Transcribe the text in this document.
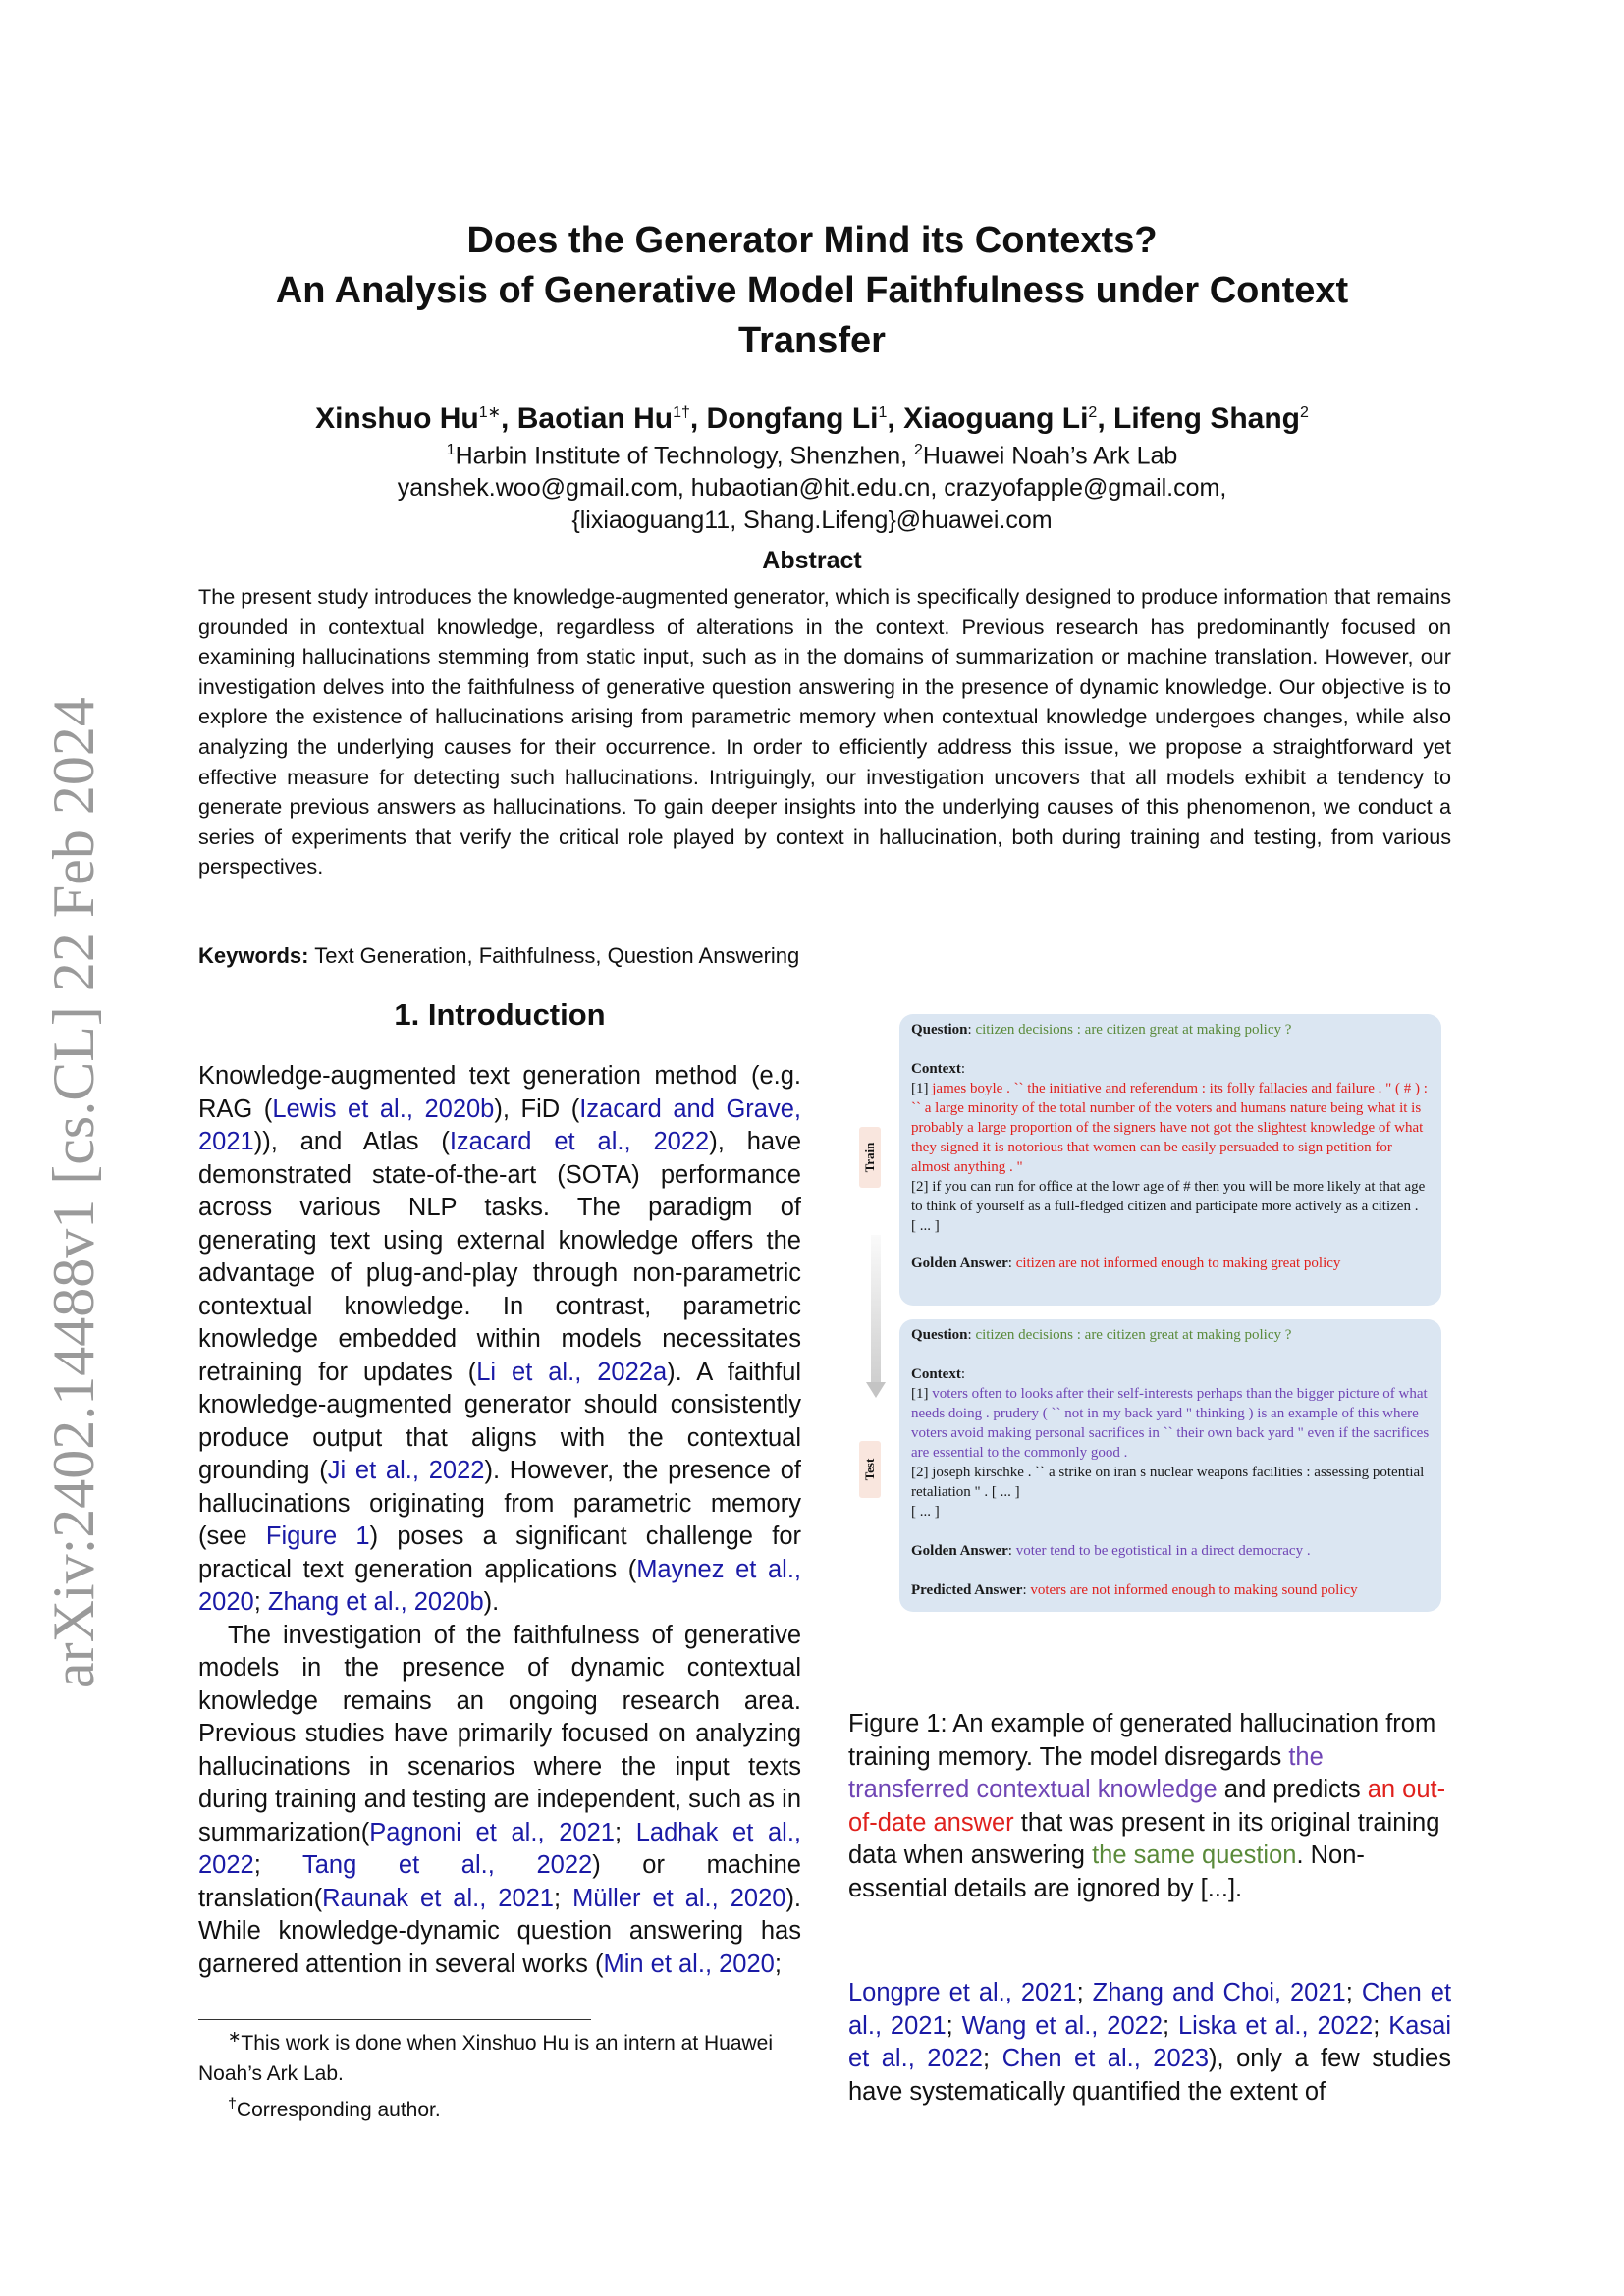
arXiv:2402.14488v1 [cs.CL] 22 Feb 2024
Does the Generator Mind its Contexts?
An Analysis of Generative Model Faithfulness under Context
Transfer
Xinshuo $Hu^{1∗}$, Baotian $Hu^{1\dagger}$, Dongfang Li$^1$, Xiaoguang Li$^2$, Lifeng Shang$^2$
$^1$Harbin Institute of Technology, Shenzhen, $^2$Huawei Noah’s Ark Lab
yanshek.woo@gmail.com, hubaotian@hit.edu.cn, crazyofapple@gmail.com,
{lixiaoguang11, Shang.Lifeng}@huawei.com
Abstract
The present study introduces the knowledge-augmented generator, which is specifically designed to produce information that remains grounded in contextual knowledge, regardless of alterations in the context. Previous research has predominantly focused on examining hallucinations stemming from static input, such as in the domains of summarization or machine translation. However, our investigation delves into the faithfulness of generative question answering in the presence of dynamic knowledge. Our objective is to explore the existence of hallucinations arising from parametric memory when contextual knowledge undergoes changes, while also analyzing the underlying causes for their occurrence. In order to efficiently address this issue, we propose a straightforward yet effective measure for detecting such hallucinations. Intriguingly, our investigation uncovers that all models exhibit a tendency to generate previous answers as hallucinations. To gain deeper insights into the underlying causes of this phenomenon, we conduct a series of experiments that verify the critical role played by context in hallucination, both during training and testing, from various perspectives.
Keywords: Text Generation, Faithfulness, Question Answering
1. Introduction

Knowledge-augmented text generation method (e.g. RAG (Lewis et al., 2020b), FiD (Izacard and Grave, 2021)), and Atlas (Izacard et al., 2022), have demonstrated state-of-the-art (SOTA) performance across various NLP tasks. The paradigm of generating text using external knowledge offers the advantage of plug-and-play through non-parametric contextual knowledge. In contrast, parametric knowledge embedded within models necessitates retraining for updates (Li et al., 2022a). A faithful knowledge-augmented generator should consistently produce output that aligns with the contextual grounding (Ji et al., 2022). However, the presence of hallucinations originating from parametric memory (see Figure 1) poses a significant challenge for practical text generation applications (Maynez et al., 2020; Zhang et al., 2020b).

The investigation of the faithfulness of generative models in the presence of dynamic contextual knowledge remains an ongoing research area. Previous studies have primarily focused on analyzing hallucinations in scenarios where the input texts during training and testing are independent, such as in summarization(Pagnoni et al., 2021; Ladhak et al., 2022; Tang et al., 2022) or machine translation(Raunak et al., 2021; Müller et al., 2020). While knowledge-dynamic question answering has garnered attention in several works (Min et al., 2020;

∗This work is done when Xinshuo Hu is an intern at Huawei Noah’s Ark Lab.
†Corresponding author.
Train
Test
Question: citizen decisions : are citizen great at making policy ?
Context:
[1] james boyle . `` the initiative and referendum : its folly fallacies and failure . " ( # ) : `` a large minority of the total number of the voters and humans nature being what it is probably a large proportion of the signers have not got the slightest knowledge of what they signed it is notorious that women can be easily persuaded to sign petition for almost anything . "
[2] if you can run for office at the lowr age of # then you will be more likely at that age to think of yourself as a full-fledged citizen and participate more actively as a citizen .
[ ... ]
Golden Answer: citizen are not informed enough to making great policy
Question: citizen decisions : are citizen great at making policy ?
Context:
[1] voters often to looks after their self-interests perhaps than the bigger picture of what needs doing . prudery ( `` not in my back yard " thinking ) is an example of this where voters avoid making personal sacrifices in `` their own back yard " even if the sacrifices are essential to the commonly good .
[2] joseph kirschke . `` a strike on iran s nuclear weapons facilities : assessing potential retaliation " . [ ... ]
[ ... ]
Golden Answer: voter tend to be egotistical in a direct democracy .
Predicted Answer: voters are not informed enough to making sound policy
Figure 1: An example of generated hallucination from training memory. The model disregards the transferred contextual knowledge and predicts an out-of-date answer that was present in its original training data when answering the same question. Non-essential details are ignored by [...].
Longpre et al., 2021; Zhang and Choi, 2021; Chen et al., 2021; Wang et al., 2022; Liska et al., 2022; Kasai et al., 2022; Chen et al., 2023), only a few studies have systematically quantified the extent of
